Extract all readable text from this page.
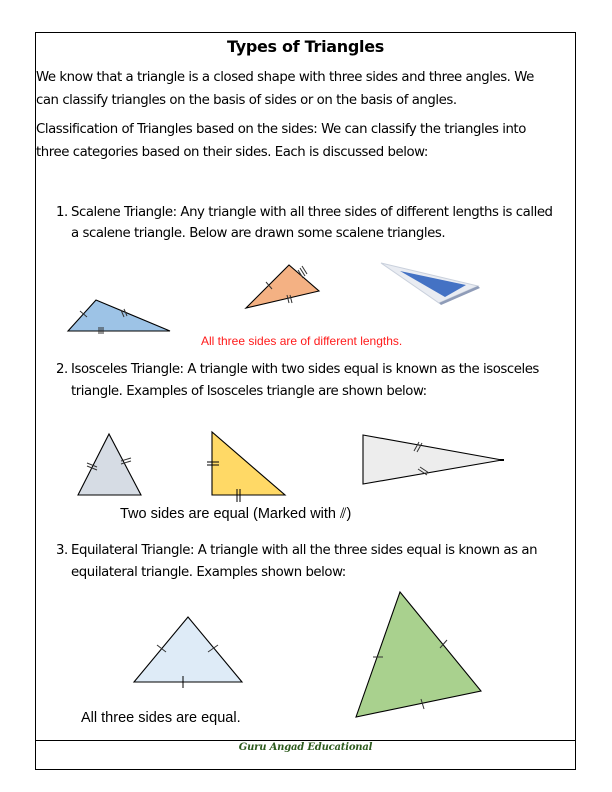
Types of Triangles
We know that a triangle is a closed shape with three sides and three angles. We
can classify triangles on the basis of sides or on the basis of angles.
Classification of Triangles based on the sides: We can classify the triangles into
three categories based on their sides. Each is discussed below:
1. Scalene Triangle: Any triangle with all three sides of different lengths is called
a scalene triangle. Below are drawn some scalene triangles.
2. Isosceles Triangle: A triangle with two sides equal is known as the isosceles
triangle. Examples of Isosceles triangle are shown below:
3. Equilateral Triangle: A triangle with all the three sides equal is known as an
equilateral triangle. Examples shown below:
All three sides are of different lengths.
Two sides are equal (Marked with ⫽)
All three sides are equal.
Guru Angad Educational
